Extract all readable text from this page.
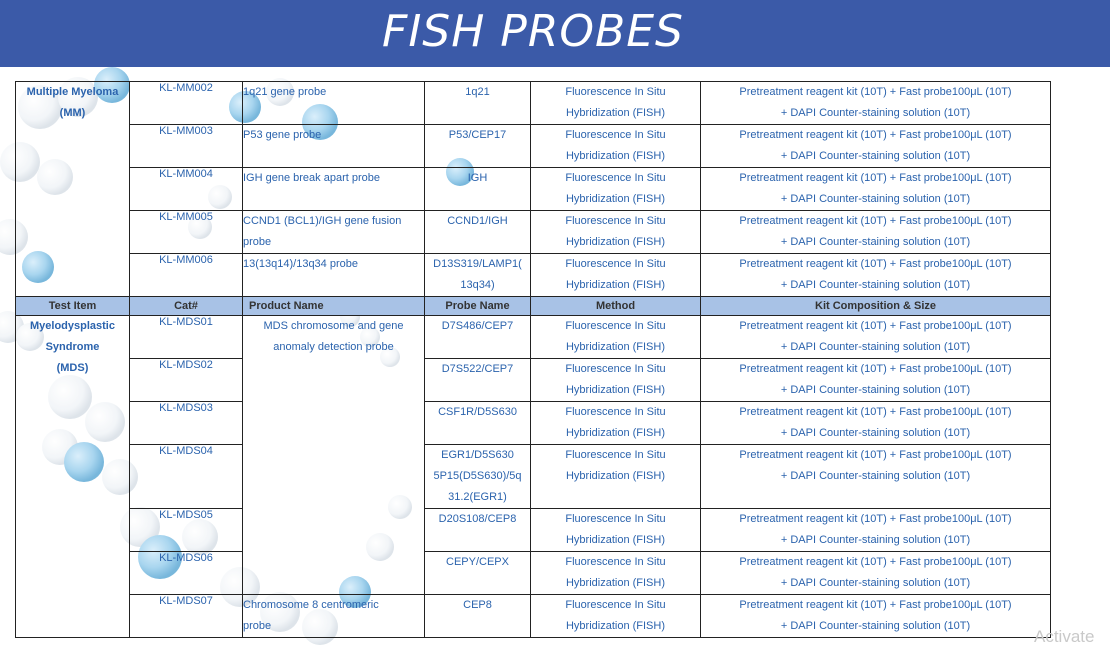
FISH PROBES
Multiple Myeloma
(MM)	KL-MM002	1q21 gene probe	1q21	Fluorescence In Situ
Hybridization (FISH)	Pretreatment reagent kit (10T) + Fast probe100μL (10T)
+ DAPI Counter-staining solution (10T)

	KL-MM003	P53 gene probe	P53/CEP17	Fluorescence In Situ
Hybridization (FISH)	Pretreatment reagent kit (10T) + Fast probe100μL (10T)
+ DAPI Counter-staining solution (10T)

	KL-MM004	IGH gene break apart probe	IGH	Fluorescence In Situ
Hybridization (FISH)	Pretreatment reagent kit (10T) + Fast probe100μL (10T)
+ DAPI Counter-staining solution (10T)

	KL-MM005	CCND1 (BCL1)/IGH gene fusion
probe	CCND1/IGH	Fluorescence In Situ
Hybridization (FISH)	Pretreatment reagent kit (10T) + Fast probe100μL (10T)
+ DAPI Counter-staining solution (10T)

	KL-MM006	13(13q14)/13q34 probe	D13S319/LAMP1(
13q34)	Fluorescence In Situ
Hybridization (FISH)	Pretreatment reagent kit (10T) + Fast probe100μL (10T)
+ DAPI Counter-staining solution (10T)

Test Item	Cat#	Product Name	Probe Name	Method	Kit Composition & Size

Myelodysplastic
Syndrome
(MDS)	KL-MDS01	MDS chromosome and gene
anomaly detection probe	D7S486/CEP7	Fluorescence In Situ
Hybridization (FISH)	Pretreatment reagent kit (10T) + Fast probe100μL (10T)
+ DAPI Counter-staining solution (10T)

	KL-MDS02		D7S522/CEP7	Fluorescence In Situ
Hybridization (FISH)	Pretreatment reagent kit (10T) + Fast probe100μL (10T)
+ DAPI Counter-staining solution (10T)

	KL-MDS03		CSF1R/D5S630	Fluorescence In Situ
Hybridization (FISH)	Pretreatment reagent kit (10T) + Fast probe100μL (10T)
+ DAPI Counter-staining solution (10T)

	KL-MDS04		EGR1/D5S630
5P15(D5S630)/5q
31.2(EGR1)	Fluorescence In Situ
Hybridization (FISH)	Pretreatment reagent kit (10T) + Fast probe100μL (10T)
+ DAPI Counter-staining solution (10T)

	KL-MDS05		D20S108/CEP8	Fluorescence In Situ
Hybridization (FISH)	Pretreatment reagent kit (10T) + Fast probe100μL (10T)
+ DAPI Counter-staining solution (10T)

	KL-MDS06		CEPY/CEPX	Fluorescence In Situ
Hybridization (FISH)	Pretreatment reagent kit (10T) + Fast probe100μL (10T)
+ DAPI Counter-staining solution (10T)

	KL-MDS07	Chromosome 8 centromeric
probe	CEP8	Fluorescence In Situ
Hybridization (FISH)	Pretreatment reagent kit (10T) + Fast probe100μL (10T)
+ DAPI Counter-staining solution (10T)
Activate
